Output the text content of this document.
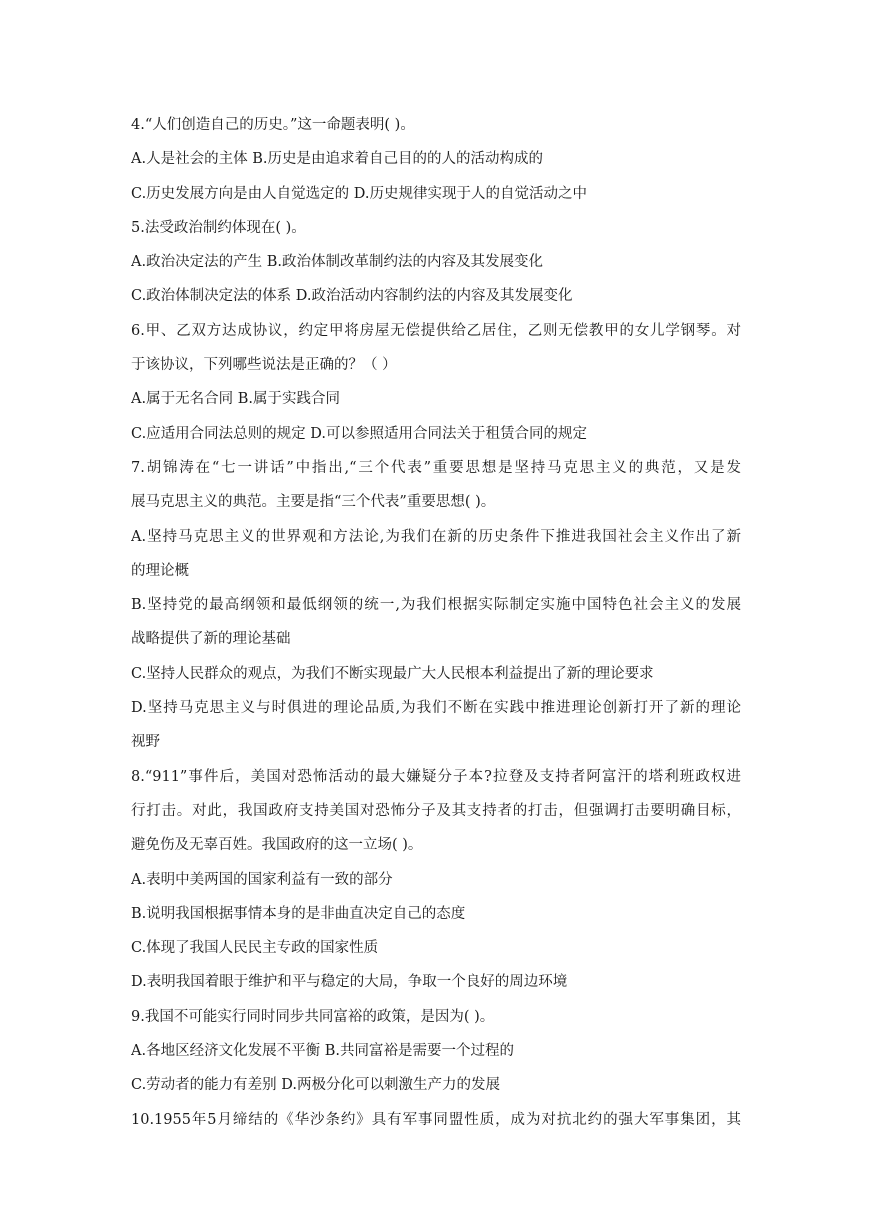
4.“人们创造自己的历史。”这一命题表明( )。
A.人是社会的主体 B.历史是由追求着自己目的的人的活动构成的
C.历史发展方向是由人自觉选定的 D.历史规律实现于人的自觉活动之中
5.法受政治制约体现在( )。
A.政治决定法的产生 B.政治体制改革制约法的内容及其发展变化
C.政治体制决定法的体系 D.政治活动内容制约法的内容及其发展变化
6.甲、乙双方达成协议，约定甲将房屋无偿提供给乙居住，乙则无偿教甲的女儿学钢琴。对
于该协议，下列哪些说法是正确的？（ ）
A.属于无名合同 B.属于实践合同
C.应适用合同法总则的规定 D.可以参照适用合同法关于租赁合同的规定
7.胡锦涛在“七一讲话”中指出,“三个代表”重要思想是坚持马克思主义的典范，又是发
展马克思主义的典范。主要是指“三个代表”重要思想( )。
A.坚持马克思主义的世界观和方法论,为我们在新的历史条件下推进我国社会主义作出了新
的理论概
B.坚持党的最高纲领和最低纲领的统一,为我们根据实际制定实施中国特色社会主义的发展
战略提供了新的理论基础
C.坚持人民群众的观点，为我们不断实现最广大人民根本利益提出了新的理论要求
D.坚持马克思主义与时俱进的理论品质,为我们不断在实践中推进理论创新打开了新的理论
视野
8.“911”事件后，美国对恐怖活动的最大嫌疑分子本?拉登及支持者阿富汗的塔利班政权进
行打击。对此，我国政府支持美国对恐怖分子及其支持者的打击，但强调打击要明确目标，
避免伤及无辜百姓。我国政府的这一立场( )。
A.表明中美两国的国家利益有一致的部分
B.说明我国根据事情本身的是非曲直决定自己的态度
C.体现了我国人民民主专政的国家性质
D.表明我国着眼于维护和平与稳定的大局，争取一个良好的周边环境
9.我国不可能实行同时同步共同富裕的政策，是因为( )。
A.各地区经济文化发展不平衡 B.共同富裕是需要一个过程的
C.劳动者的能力有差别 D.两极分化可以刺激生产力的发展
10.1955年5月缔结的《华沙条约》具有军事同盟性质，成为对抗北约的强大军事集团，其
